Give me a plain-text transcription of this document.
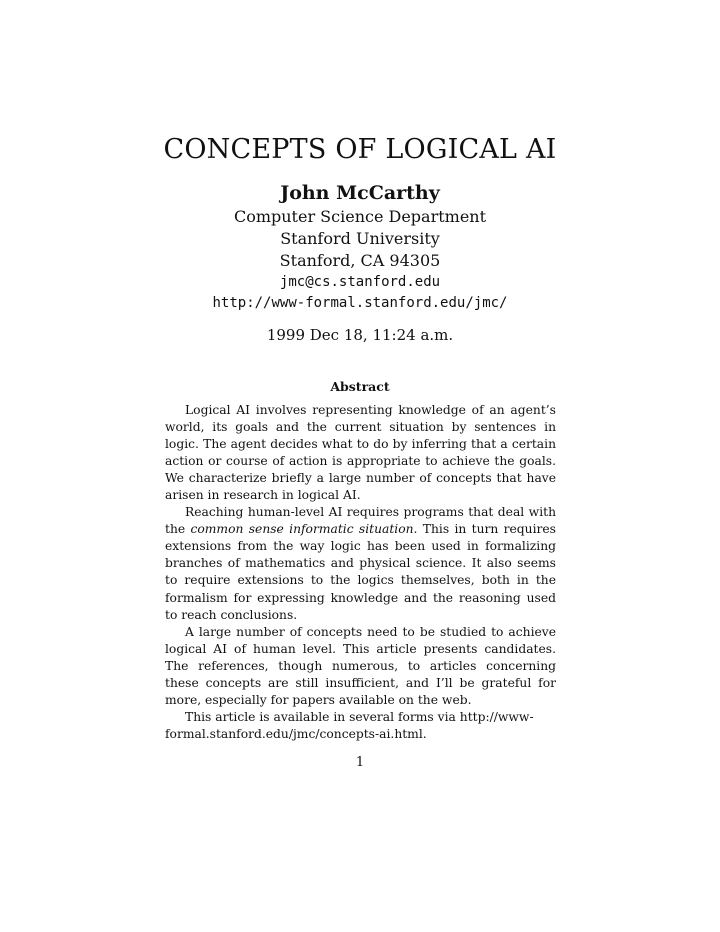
CONCEPTS OF LOGICAL AI
John McCarthy
Computer Science Department
Stanford University
Stanford, CA 94305
jmc@cs.stanford.edu
http://www-formal.stanford.edu/jmc/
1999 Dec 18, 11:24 a.m.
Abstract

Logical AI involves representing knowledge of an agent’s world, its goals and the current situation by sentences in logic. The agent decides what to do by inferring that a certain action or course of action is appropriate to achieve the goals. We characterize briefly a large number of concepts that have arisen in research in logical AI.

Reaching human-level AI requires programs that deal with the common sense informatic situation. This in turn requires extensions from the way logic has been used in formalizing branches of mathematics and physical science. It also seems to require extensions to the logics themselves, both in the formalism for expressing knowledge and the reasoning used to reach conclusions.

A large number of concepts need to be studied to achieve logical AI of human level. This article presents candidates. The references, though numerous, to articles concerning these concepts are still insufficient, and I’ll be grateful for more, especially for papers available on the web.

This article is available in several forms via http://www-formal.stanford.edu/jmc/concepts-ai.html.

1
